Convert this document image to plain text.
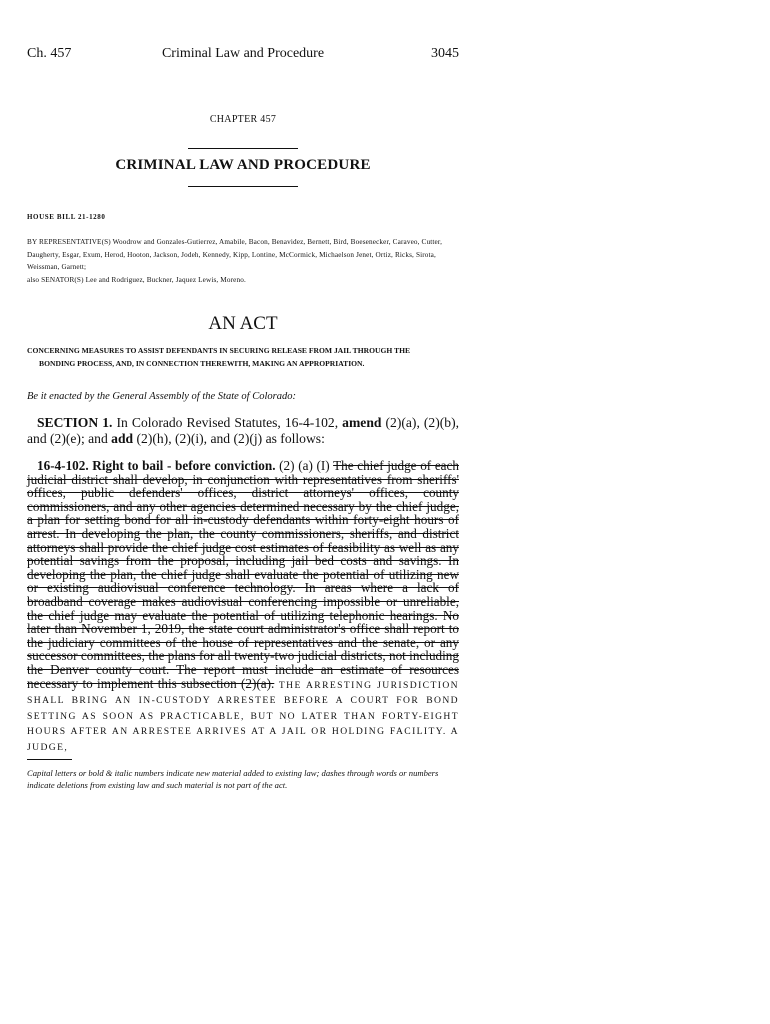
Ch. 457	Criminal Law and Procedure	3045
CHAPTER 457
CRIMINAL LAW AND PROCEDURE
HOUSE BILL 21-1280

BY REPRESENTATIVE(S) Woodrow and Gonzales-Gutierrez, Amabile, Bacon, Benavidez, Bernett, Bird, Boesenecker, Caraveo, Cutter, Daugherty, Esgar, Exum, Herod, Hooton, Jackson, Jodeh, Kennedy, Kipp, Lontine, McCormick, Michaelson Jenet, Ortiz, Ricks, Sirota, Weissman, Garnett;

also SENATOR(S) Lee and Rodriguez, Buckner, Jaquez Lewis, Moreno.

AN ACT
CONCERNING MEASURES TO ASSIST DEFENDANTS IN SECURING RELEASE FROM JAIL THROUGH THE
BONDING PROCESS, AND, IN CONNECTION THEREWITH, MAKING AN APPROPRIATION.
Be it enacted by the General Assembly of the State of Colorado:
SECTION 1. In Colorado Revised Statutes, 16-4-102, amend (2)(a), (2)(b), and (2)(e); and add (2)(h), (2)(i), and (2)(j) as follows:
16-4-102. Right to bail - before conviction. (2) (a) (I) The chief judge of each judicial district shall develop, in conjunction with representatives from sheriffs' offices, public defenders' offices, district attorneys' offices, county commissioners, and any other agencies determined necessary by the chief judge, a plan for setting bond for all in-custody defendants within forty-eight hours of arrest. In developing the plan, the county commissioners, sheriffs, and district attorneys shall provide the chief judge cost estimates of feasibility as well as any potential savings from the proposal, including jail bed costs and savings. In developing the plan, the chief judge shall evaluate the potential of utilizing new or existing audiovisual conference technology. In areas where a lack of broadband coverage makes audiovisual conferencing impossible or unreliable, the chief judge may evaluate the potential of utilizing telephonic hearings. No later than November 1, 2019, the state court administrator's office shall report to the judiciary committees of the house of representatives and the senate, or any successor committees, the plans for all twenty-two judicial districts, not including the Denver county court. The report must include an estimate of resources necessary to implement this subsection (2)(a). THE ARRESTING JURISDICTION SHALL BRING AN IN-CUSTODY ARRESTEE BEFORE A COURT FOR BOND SETTING AS SOON AS PRACTICABLE, BUT NO LATER THAN FORTY-EIGHT HOURS AFTER AN ARRESTEE ARRIVES AT A JAIL OR HOLDING FACILITY. A JUDGE,
Capital letters or bold & italic numbers indicate new material added to existing law; dashes through words or numbers indicate deletions from existing law and such material is not part of the act.
